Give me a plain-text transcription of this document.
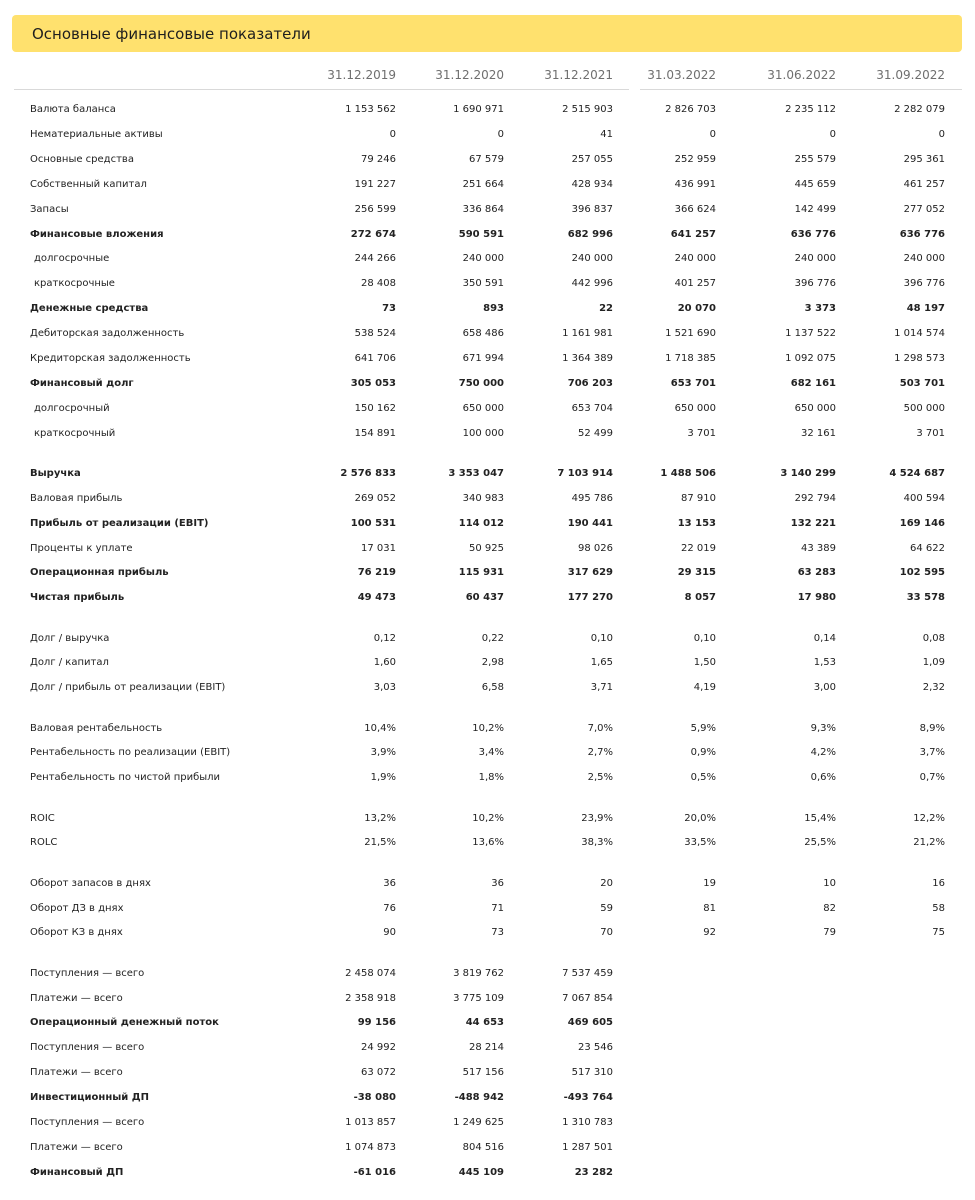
Основные финансовые показатели
31.12.2019	31.12.2020	31.12.2021	31.03.2022	31.06.2022	31.09.2022
Валюта баланса	1 153 562	1 690 971	2 515 903	2 826 703	2 235 112	2 282 079
Нематериальные активы	0	0	41	0	0	0
Основные средства	79 246	67 579	257 055	252 959	255 579	295 361
Собственный капитал	191 227	251 664	428 934	436 991	445 659	461 257
Запасы	256 599	336 864	396 837	366 624	142 499	277 052
Финансовые вложения	272 674	590 591	682 996	641 257	636 776	636 776
долгосрочные	244 266	240 000	240 000	240 000	240 000	240 000
краткосрочные	28 408	350 591	442 996	401 257	396 776	396 776
Денежные средства	73	893	22	20 070	3 373	48 197
Дебиторская задолженность	538 524	658 486	1 161 981	1 521 690	1 137 522	1 014 574
Кредиторская задолженность	641 706	671 994	1 364 389	1 718 385	1 092 075	1 298 573
Финансовый долг	305 053	750 000	706 203	653 701	682 161	503 701
долгосрочный	150 162	650 000	653 704	650 000	650 000	500 000
краткосрочный	154 891	100 000	52 499	3 701	32 161	3 701
Выручка	2 576 833	3 353 047	7 103 914	1 488 506	3 140 299	4 524 687
Валовая прибыль	269 052	340 983	495 786	87 910	292 794	400 594
Прибыль от реализации (EBIT)	100 531	114 012	190 441	13 153	132 221	169 146
Проценты к уплате	17 031	50 925	98 026	22 019	43 389	64 622
Операционная прибыль	76 219	115 931	317 629	29 315	63 283	102 595
Чистая прибыль	49 473	60 437	177 270	8 057	17 980	33 578
Долг / выручка	0,12	0,22	0,10	0,10	0,14	0,08
Долг / капитал	1,60	2,98	1,65	1,50	1,53	1,09
Долг / прибыль от реализации (EBIT)	3,03	6,58	3,71	4,19	3,00	2,32
Валовая рентабельность	10,4%	10,2%	7,0%	5,9%	9,3%	8,9%
Рентабельность по реализации (EBIT)	3,9%	3,4%	2,7%	0,9%	4,2%	3,7%
Рентабельность по чистой прибыли	1,9%	1,8%	2,5%	0,5%	0,6%	0,7%
ROIC	13,2%	10,2%	23,9%	20,0%	15,4%	12,2%
ROLC	21,5%	13,6%	38,3%	33,5%	25,5%	21,2%
Оборот запасов в днях	36	36	20	19	10	16
Оборот ДЗ в днях	76	71	59	81	82	58
Оборот КЗ в днях	90	73	70	92	79	75
Поступления — всего	2 458 074	3 819 762	7 537 459
Платежи — всего	2 358 918	3 775 109	7 067 854
Операционный денежный поток	99 156	44 653	469 605
Поступления — всего	24 992	28 214	23 546
Платежи — всего	63 072	517 156	517 310
Инвестиционный ДП	-38 080	-488 942	-493 764
Поступления — всего	1 013 857	1 249 625	1 310 783
Платежи — всего	1 074 873	804 516	1 287 501
Финансовый ДП	-61 016	445 109	23 282
